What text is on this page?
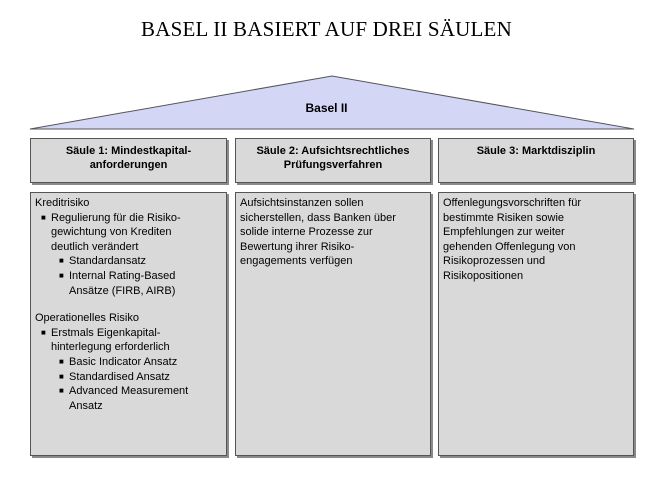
BASEL II BASIERT AUF DREI SÄULEN
Basel II
Säule 1: Mindestkapital-
anforderungen
Säule 2: Aufsichtsrechtliches
Prüfungsverfahren
Säule 3: Marktdisziplin
Kreditrisiko
■ Regulierung für die Risiko-
gewichtung von Krediten
deutlich verändert
■ Standardansatz
■ Internal Rating-Based
Ansätze (FIRB, AIRB)
Operationelles Risiko
■ Erstmals Eigenkapital-
hinterlegung erforderlich
■ Basic Indicator Ansatz
■ Standardised Ansatz
■ Advanced Measurement
Ansatz
Aufsichtsinstanzen sollen
sicherstellen, dass Banken über
solide interne Prozesse zur
Bewertung ihrer Risiko-
engagements verfügen
Offenlegungsvorschriften für
bestimmte Risiken sowie
Empfehlungen zur weiter
gehenden Offenlegung von
Risikoprozessen und
Risikopositionen
